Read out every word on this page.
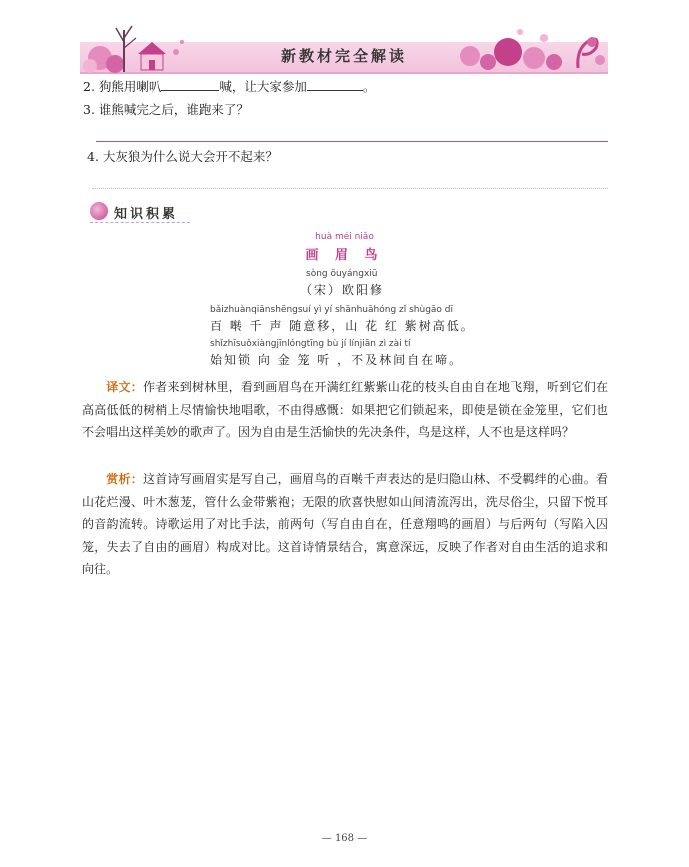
新教材完全解读
2. 狗熊用喇叭	喊，让大家参加	。
3. 谁熊喊完之后，谁跑来了？
4. 大灰狼为什么说大会开不起来？
知识积累
huà méi niǎo
画 眉 鸟
sòng ōuyángxiū
（宋）欧阳修
bǎizhuànqiānshēngsuí yì yí shānhuāhóng zǐ shùgāo dī
百 啭 千 声 随意移，山 花 红 紫树高低。
shǐzhīsuǒxiàngjīnlóngtīng bù jí línjiān zì zài tí
始知锁 向 金 笼 听 ，不及林间自在啼。
译文：作者来到树林里，看到画眉鸟在开满红红紫紫山花的枝头自由自在地飞翔，听到它们在高高低低的树梢上尽情愉快地唱歌，不由得感慨：如果把它们锁起来，即使是锁在金笼里，它们也不会唱出这样美妙的歌声了。因为自由是生活愉快的先决条件，鸟是这样，人不也是这样吗？
赏析：这首诗写画眉实是写自己，画眉鸟的百啭千声表达的是归隐山林、不受羁绊的心曲。看山花烂漫、叶木葱茏，管什么金带紫袍；无限的欣喜快慰如山间清流泻出，洗尽俗尘，只留下悦耳的音韵流转。诗歌运用了对比手法，前两句（写自由自在，任意翔鸣的画眉）与后两句（写陷入囚笼，失去了自由的画眉）构成对比。这首诗情景结合，寓意深远，反映了作者对自由生活的追求和向往。
— 168 —
